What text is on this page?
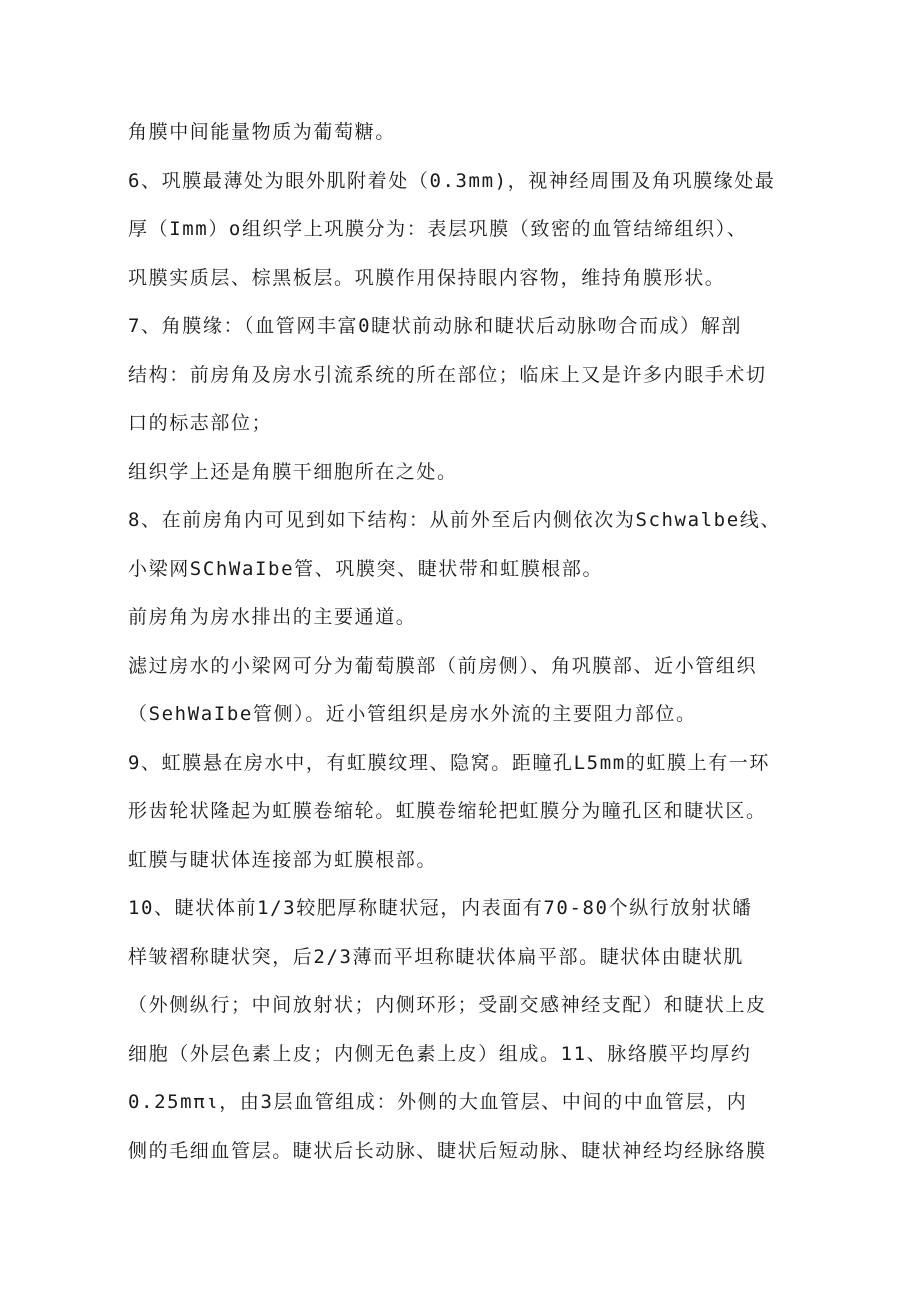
角膜中间能量物质为葡萄糖。
6、巩膜最薄处为眼外肌附着处（0.3mm)，视神经周围及角巩膜缘处最
厚（Imm）o组织学上巩膜分为：表层巩膜（致密的血管结缔组织）、
巩膜实质层、棕黑板层。巩膜作用保持眼内容物，维持角膜形状。
7、角膜缘：（血管网丰富0睫状前动脉和睫状后动脉吻合而成）解剖
结构：前房角及房水引流系统的所在部位；临床上又是许多内眼手术切
口的标志部位；
组织学上还是角膜干细胞所在之处。
8、在前房角内可见到如下结构：从前外至后内侧依次为Schwalbe线、
小梁网SChWaIbe管、巩膜突、睫状带和虹膜根部。
前房角为房水排出的主要通道。
滤过房水的小梁网可分为葡萄膜部（前房侧）、角巩膜部、近小管组织
（SehWaIbe管侧）。近小管组织是房水外流的主要阻力部位。
9、虹膜悬在房水中，有虹膜纹理、隐窝。距瞳孔L5mm的虹膜上有一环
形齿轮状隆起为虹膜卷缩轮。虹膜卷缩轮把虹膜分为瞳孔区和睫状区。
虹膜与睫状体连接部为虹膜根部。
10、睫状体前1/3较肥厚称睫状冠，内表面有70-80个纵行放射状皤
样皱褶称睫状突，后2/3薄而平坦称睫状体扁平部。睫状体由睫状肌
（外侧纵行；中间放射状；内侧环形；受副交感神经支配）和睫状上皮
细胞（外层色素上皮；内侧无色素上皮）组成。11、脉络膜平均厚约
0.25mπι，由3层血管组成：外侧的大血管层、中间的中血管层，内
侧的毛细血管层。睫状后长动脉、睫状后短动脉、睫状神经均经脉络膜
